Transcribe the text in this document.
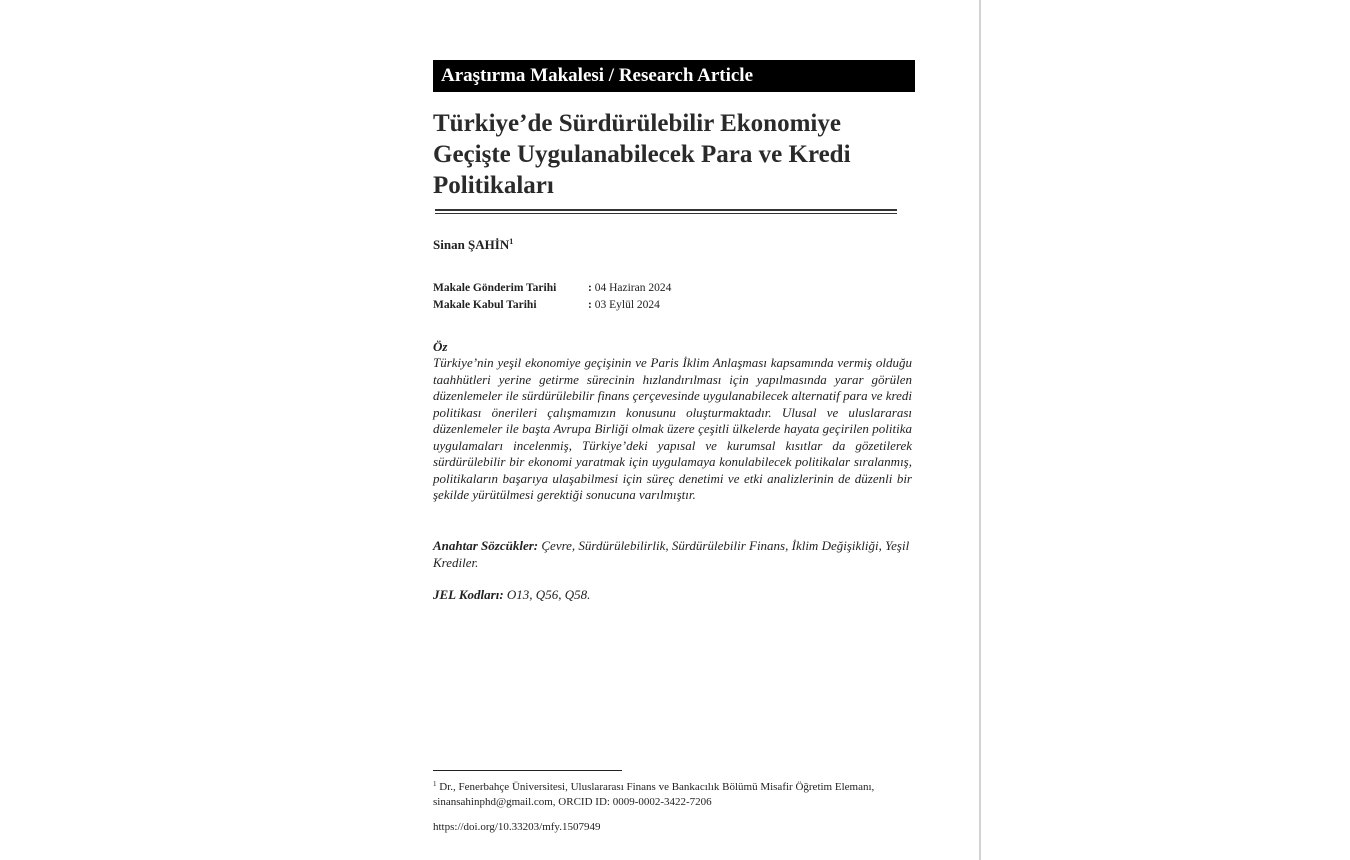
Araştırma Makalesi / Research Article
Türkiye’de Sürdürülebilir Ekonomiye Geçişte Uygulanabilecek Para ve Kredi Politikaları
Sinan ŞAHİN$^1$
Makale Gönderim Tarihi	: 04 Haziran 2024
Makale Kabul Tarihi	: 03 Eylül 2024
Öz

Türkiye’nin yeşil ekonomiye geçişinin ve Paris İklim Anlaşması kapsamında vermiş olduğu taahhütleri yerine getirme sürecinin hızlandırılması için yapılmasında yarar görülen düzenlemeler ile sürdürülebilir finans çerçevesinde uygulanabilecek alternatif para ve kredi politikası önerileri çalışmamızın konusunu oluşturmaktadır. Ulusal ve uluslararası düzenlemeler ile başta Avrupa Birliği olmak üzere çeşitli ülkelerde hayata geçirilen politika uygulamaları incelenmiş, Türkiye’deki yapısal ve kurumsal kısıtlar da gözetilerek sürdürülebilir bir ekonomi yaratmak için uygulamaya konulabilecek politikalar sıralanmış, politikaların başarıya ulaşabilmesi için süreç denetimi ve etki analizlerinin de düzenli bir şekilde yürütülmesi gerektiği sonucuna varılmıştır.

Anahtar Sözcükler: Çevre, Sürdürülebilirlik, Sürdürülebilir Finans, İklim Değişikliği, Yeşil Krediler.

JEL Kodları: O13, Q56, Q58.

$^1$ Dr., Fenerbahçe Üniversitesi, Uluslararası Finans ve Bankacılık Bölümü Misafir Öğretim Elemanı, sinansahinphd@gmail.com, ORCID ID: 0009-0002-3422-7206

https://doi.org/10.33203/mfy.1507949
